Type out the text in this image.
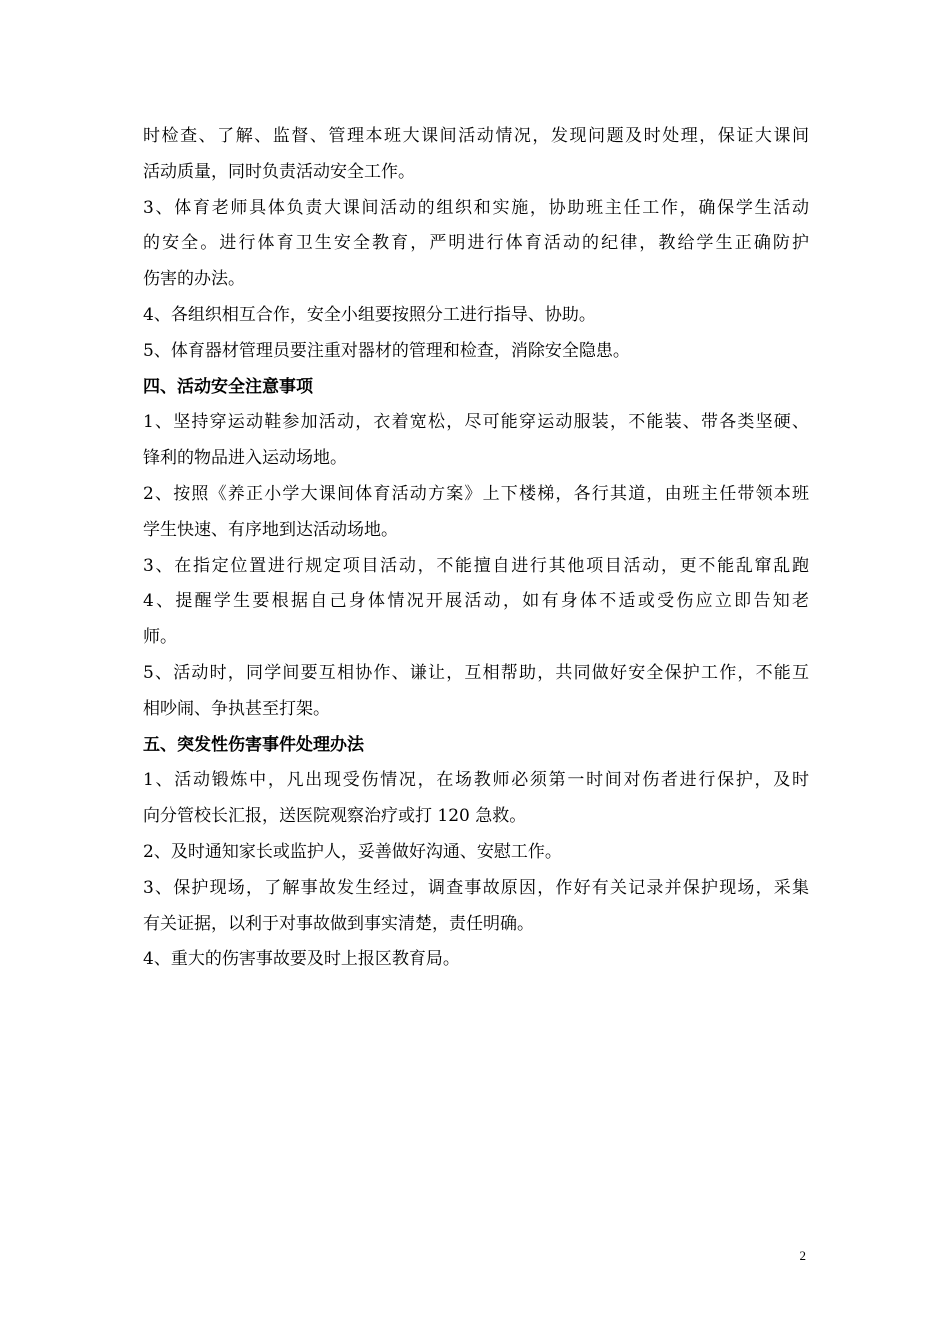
时检查、了解、监督、管理本班大课间活动情况，发现问题及时处理，保证大课间
活动质量，同时负责活动安全工作。
3、体育老师具体负责大课间活动的组织和实施，协助班主任工作，确保学生活动
的安全。进行体育卫生安全教育，严明进行体育活动的纪律，教给学生正确防护
伤害的办法。
4、各组织相互合作，安全小组要按照分工进行指导、协助。
5、体育器材管理员要注重对器材的管理和检查，消除安全隐患。
四、活动安全注意事项
1、坚持穿运动鞋参加活动，衣着宽松，尽可能穿运动服装，不能装、带各类坚硬、
锋利的物品进入运动场地。
2、按照《养正小学大课间体育活动方案》上下楼梯，各行其道，由班主任带领本班
学生快速、有序地到达活动场地。
3、在指定位置进行规定项目活动，不能擅自进行其他项目活动，更不能乱窜乱跑
4、提醒学生要根据自己身体情况开展活动，如有身体不适或受伤应立即告知老
师。
5、活动时，同学间要互相协作、谦让，互相帮助，共同做好安全保护工作，不能互
相吵闹、争执甚至打架。
五、突发性伤害事件处理办法
1、活动锻炼中，凡出现受伤情况，在场教师必须第一时间对伤者进行保护，及时
向分管校长汇报，送医院观察治疗或打 120 急救。
2、及时通知家长或监护人，妥善做好沟通、安慰工作。
3、保护现场，了解事故发生经过，调查事故原因，作好有关记录并保护现场，采集
有关证据，以利于对事故做到事实清楚，责任明确。
4、重大的伤害事故要及时上报区教育局。
2
